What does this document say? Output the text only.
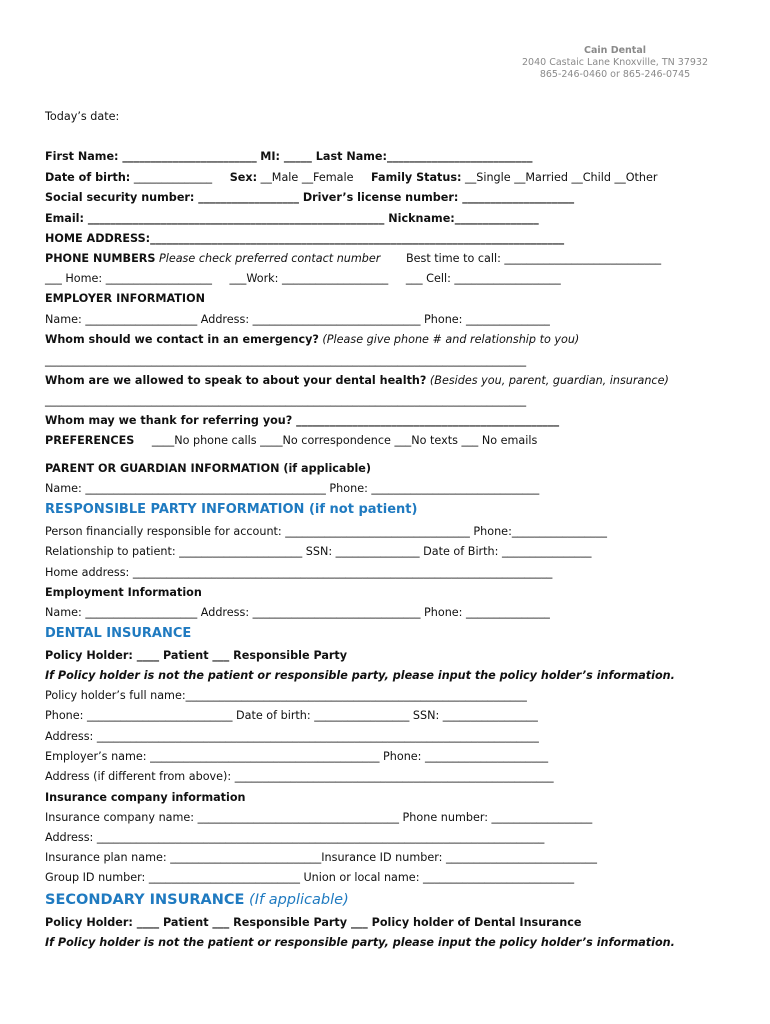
Cain Dental
2040 Castaic Lane Knoxville, TN 37932
865-246-0460 or 865-246-0745
Today’s date:
First Name: ________________________ MI: _____ Last Name:__________________________
Date of birth: ______________ Sex: __Male __Female Family Status: __Single __Married __Child __Other
Social security number: __________________ Driver’s license number: ____________________
Email: _____________________________________________________ Nickname:_______________
HOME ADDRESS:__________________________________________________________________________
PHONE NUMBERS Please check preferred contact number Best time to call: ____________________________
___ Home: ___________________ ___Work: ___________________ ___ Cell: ___________________
EMPLOYER INFORMATION
Name: ____________________ Address: ______________________________ Phone: _______________
Whom should we contact in an emergency? (Please give phone # and relationship to you)
______________________________________________________________________________________
Whom are we allowed to speak to about your dental health? (Besides you, parent, guardian, insurance)
______________________________________________________________________________________
Whom may we thank for referring you? _______________________________________________
PREFERENCES ____No phone calls ____No correspondence ___No texts ___ No emails
PARENT OR GUARDIAN INFORMATION (if applicable)
Name: ___________________________________________ Phone: ______________________________
RESPONSIBLE PARTY INFORMATION (if not patient)
Person financially responsible for account: _________________________________ Phone:_________________
Relationship to patient: ______________________ SSN: _______________ Date of Birth: ________________
Home address: ___________________________________________________________________________
Employment Information
Name: ____________________ Address: ______________________________ Phone: _______________
DENTAL INSURANCE
Policy Holder: ____ Patient ___ Responsible Party
If Policy holder is not the patient or responsible party, please input the policy holder’s information.
Policy holder’s full name:_____________________________________________________________
Phone: __________________________ Date of birth: _________________ SSN: _________________
Address: _______________________________________________________________________________
Employer’s name: _________________________________________ Phone: ______________________
Address (if different from above): _________________________________________________________
Insurance company information
Insurance company name: ____________________________________ Phone number: __________________
Address: ________________________________________________________________________________
Insurance plan name: ___________________________Insurance ID number: ___________________________
Group ID number: ___________________________ Union or local name: ___________________________
SECONDARY INSURANCE (If applicable)
Policy Holder: ____ Patient ___ Responsible Party ___ Policy holder of Dental Insurance
If Policy holder is not the patient or responsible party, please input the policy holder’s information.
